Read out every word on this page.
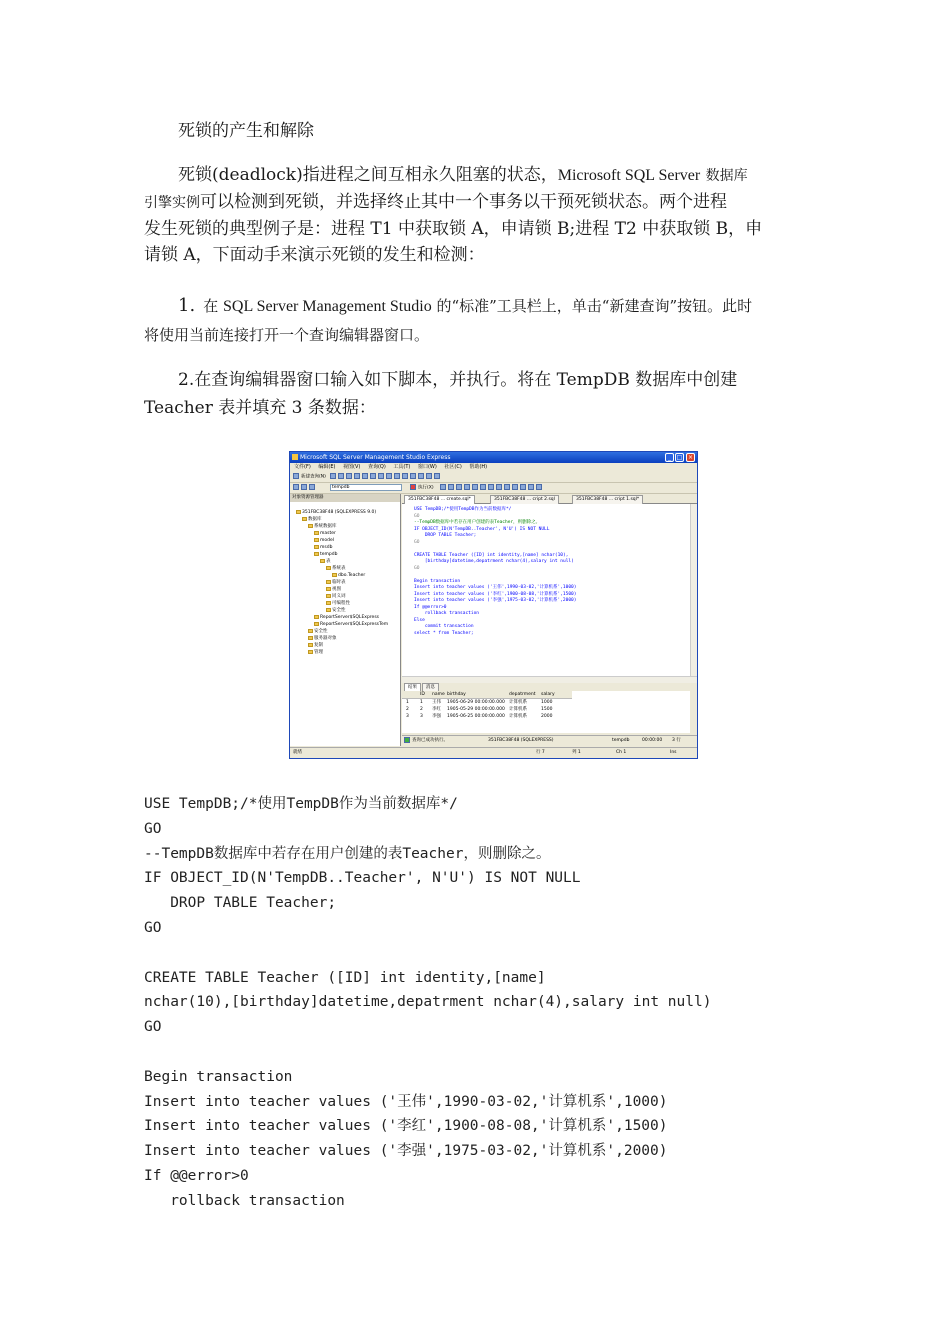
死锁的产生和解除
死锁(deadlock)指进程之间互相永久阻塞的状态，Microsoft SQL Server 数据库
引擎实例可以检测到死锁，并选择终止其中一个事务以干预死锁状态。两个进程
发生死锁的典型例子是：进程 T1 中获取锁 A，申请锁 B;进程 T2 中获取锁 B，申
请锁 A，下面动手来演示死锁的发生和检测：
1. 在 SQL Server Management Studio 的“标准”工具栏上，单击“新建查询”按钮。此时
将使用当前连接打开一个查询编辑器窗口。
2.在查询编辑器窗口输入如下脚本，并执行。将在 TempDB 数据库中创建
Teacher 表并填充 3 条数据：
Microsoft SQL Server Management Studio Express	_ □ ×
文件(F) 编辑(E) 视图(V) 查询(Q) 工具(T) 窗口(W) 社区(C) 帮助(H)
新建查询(N)
tempdb	执行(X)
对象资源管理器
351FBC38F48 (SQLEXPRESS 9.0)
数据库
系统数据库
master
model
msdb
tempdb
表
系统表
dbo.Teacher
临时表
视图
同义词
可编程性
安全性
ReportServer$SQLExpress
ReportServer$SQLExpressTem
安全性
服务器对象
复制
管理
351FBC38F48 ... create.sql*	351FBC38F48 ... cript 2.sql	351FBC38F48 ... cript 1.sql*
USE TempDB;/*使用TempDB作为当前数据库*/
GO
--TempDB数据库中若存在用户创建的表Teacher，则删除之。
IF OBJECT_ID(N'TempDB..Teacher', N'U') IS NOT NULL
DROP TABLE Teacher;
GO
CREATE TABLE Teacher ([ID] int identity,[name] nchar(10),
[birthday]datetime,depatrment nchar(4),salary int null)
GO
Begin transaction
Insert into teacher values ('王伟',1990-03-02,'计算机系',1000)
Insert into teacher values ('李红',1900-08-08,'计算机系',1500)
Insert into teacher values ('李强',1975-03-02,'计算机系',2000)
If @@error>0
rollback transaction
Else
commit transaction
select * from Teacher;
结果	消息
ID name birthday	depatrment salary
1 1 王伟 1905-06-29 00:00:00.000 计算机系	1000
2 2 李红 1905-05-29 00:00:00.000 计算机系	1500
3 3 李强 1905-06-25 00:00:00.000 计算机系	2000
查询已成功执行。	351FBC38F48 (SQLEXPRESS)	tempdb	00:00:00 3 行
就绪	行 7	列 1	Ch 1	Ins
USE TempDB;/*使用TempDB作为当前数据库*/
GO
--TempDB数据库中若存在用户创建的表Teacher，则删除之。
IF OBJECT_ID(N'TempDB..Teacher', N'U') IS NOT NULL
DROP TABLE Teacher;
GO
CREATE TABLE Teacher ([ID] int identity,[name]
nchar(10),[birthday]datetime,depatrment nchar(4),salary int null)
GO
Begin transaction
Insert into teacher values ('王伟',1990-03-02,'计算机系',1000)
Insert into teacher values ('李红',1900-08-08,'计算机系',1500)
Insert into teacher values ('李强',1975-03-02,'计算机系',2000)
If @@error>0
rollback transaction
